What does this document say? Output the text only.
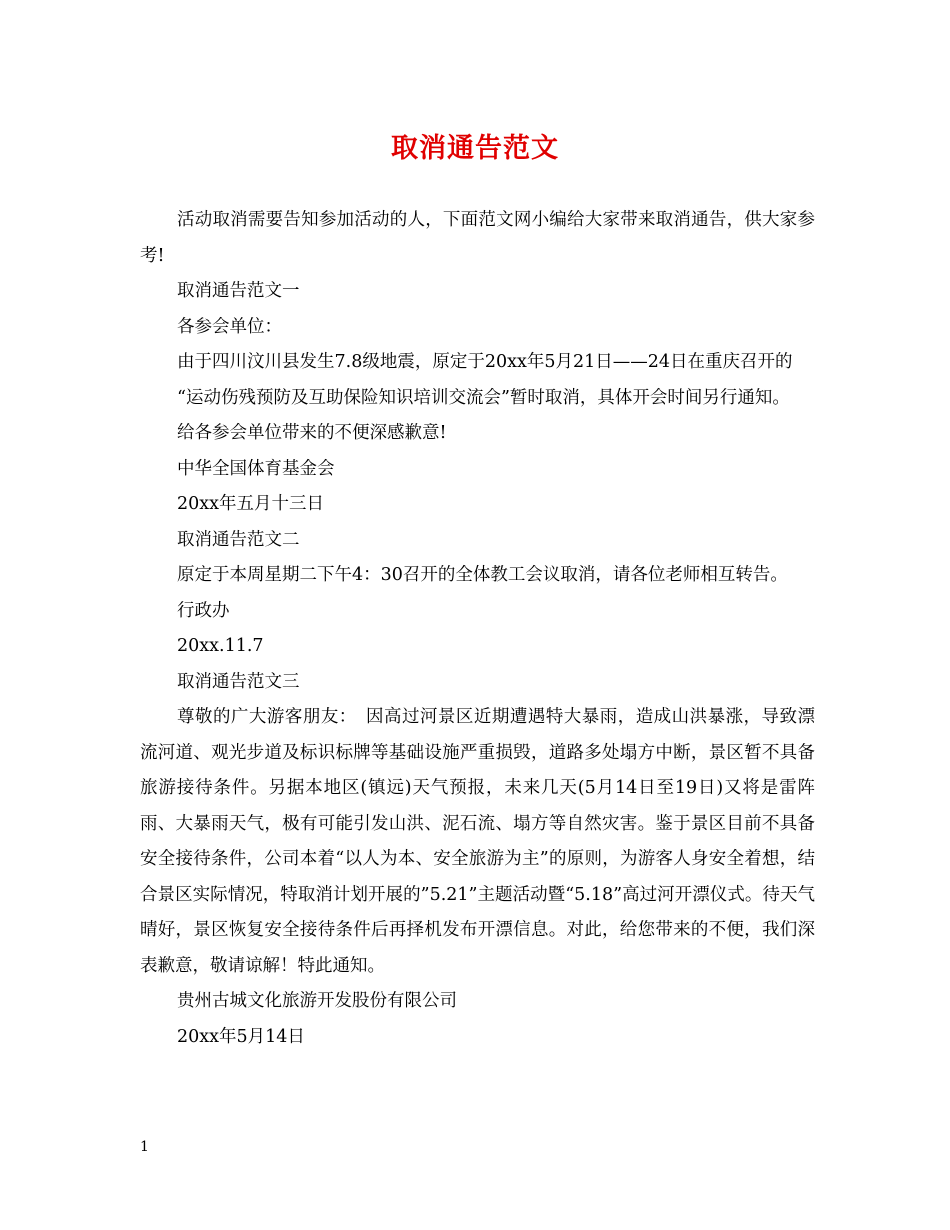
取消通告范文

活动取消需要告知参加活动的人，下面范文网小编给大家带来取消通告，供大家参考!

取消通告范文一

各参会单位：

由于四川汶川县发生7.8级地震，原定于20xx年5月21日——24日在重庆召开的

“运动伤残预防及互助保险知识培训交流会”暂时取消，具体开会时间另行通知。

给各参会单位带来的不便深感歉意!

中华全国体育基金会

20xx年五月十三日

取消通告范文二

原定于本周星期二下午4：30召开的全体教工会议取消，请各位老师相互转告。

行政办

20xx.11.7

取消通告范文三

尊敬的广大游客朋友：　因高过河景区近期遭遇特大暴雨，造成山洪暴涨，导致漂流河道、观光步道及标识标牌等基础设施严重损毁，道路多处塌方中断，景区暂不具备旅游接待条件。另据本地区(镇远)天气预报，未来几天(5月14日至19日)又将是雷阵雨、大暴雨天气，极有可能引发山洪、泥石流、塌方等自然灾害。鉴于景区目前不具备安全接待条件，公司本着“以人为本、安全旅游为主”的原则，为游客人身安全着想，结合景区实际情况，特取消计划开展的”5.21”主题活动暨“5.18”高过河开漂仪式。待天气晴好，景区恢复安全接待条件后再择机发布开漂信息。对此，给您带来的不便，我们深表歉意，敬请谅解！特此通知。

贵州古城文化旅游开发股份有限公司

20xx年5月14日

1
